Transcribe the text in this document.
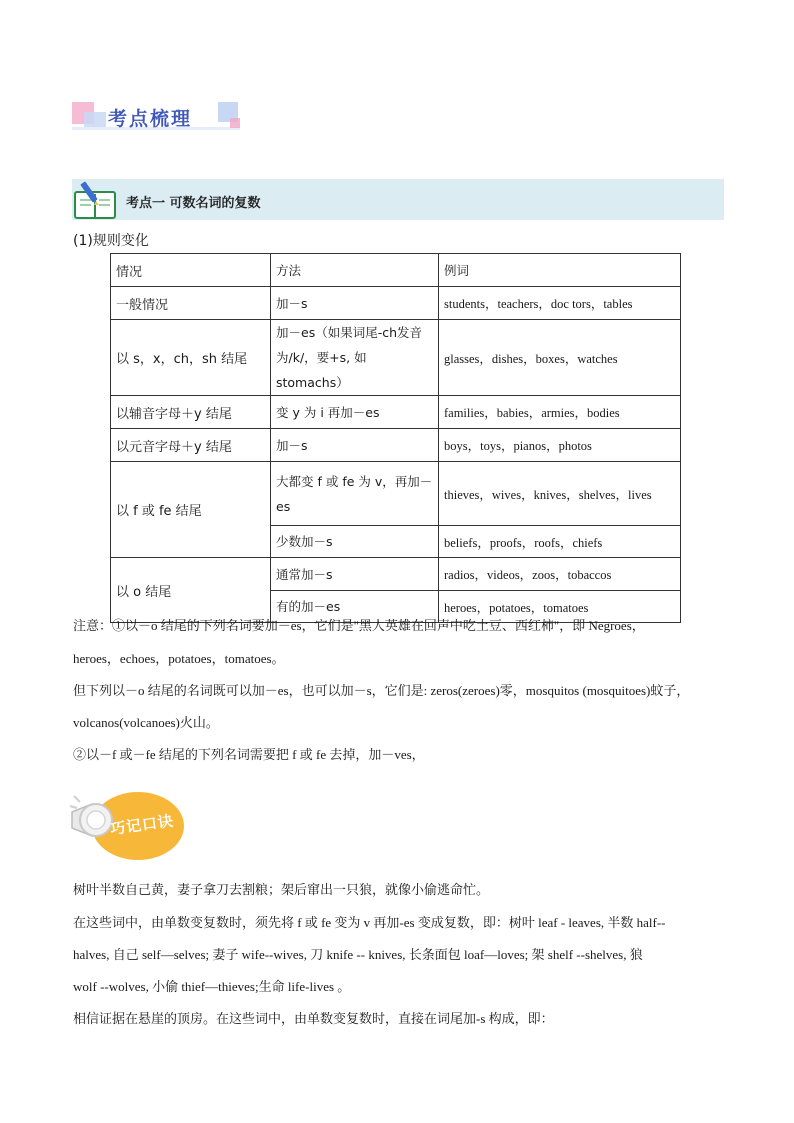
考点梳理
考点一 可数名词的复数
(1)规则变化
情况	方法	例词
一般情况	加－s	students，teachers，doc tors，tables
以 s，x，ch，sh 结尾	加－es（如果词尾-ch发音为/k/，要+s, 如 stomachs）	glasses，dishes，boxes，watches
以辅音字母＋y 结尾	变 y 为 i 再加－es	families，babies，armies，bodies
以元音字母＋y 结尾	加－s	boys，toys，pianos，photos
以 f 或 fe 结尾	大都变 f 或 fe 为 v，再加－es	thieves，wives，knives，shelves，lives
	少数加－s	beliefs，proofs，roofs，chiefs
以 o 结尾	通常加－s	radios，videos，zoos，tobaccos
	有的加－es	heroes，potatoes，tomatoes
注意：①以－o 结尾的下列名词要加－es，它们是"黑人英雄在回声中吃土豆、西红柿"，即 Negroes，
heroes，echoes，potatoes，tomatoes。
但下列以－o 结尾的名词既可以加－es，也可以加－s，它们是: zeros(zeroes)零，mosquitos (mosquitoes)蚊子，
volcanos(volcanoes)火山。
②以－f 或－fe 结尾的下列名词需要把 f 或 fe 去掉，加－ves，
巧记口诀
树叶半数自己黄，妻子拿刀去割粮；架后窜出一只狼，就像小偷逃命忙。
在这些词中，由单数变复数时，须先将 f 或 fe 变为 v 再加-es 变成复数，即：树叶 leaf - leaves, 半数 half--
halves, 自己 self—selves; 妻子 wife--wives, 刀 knife -- knives, 长条面包 loaf—loves; 架 shelf --shelves, 狼
wolf --wolves, 小偷 thief—thieves;生命 life-lives 。
相信证据在悬崖的顶房。在这些词中，由单数变复数时，直接在词尾加-s 构成，即：
